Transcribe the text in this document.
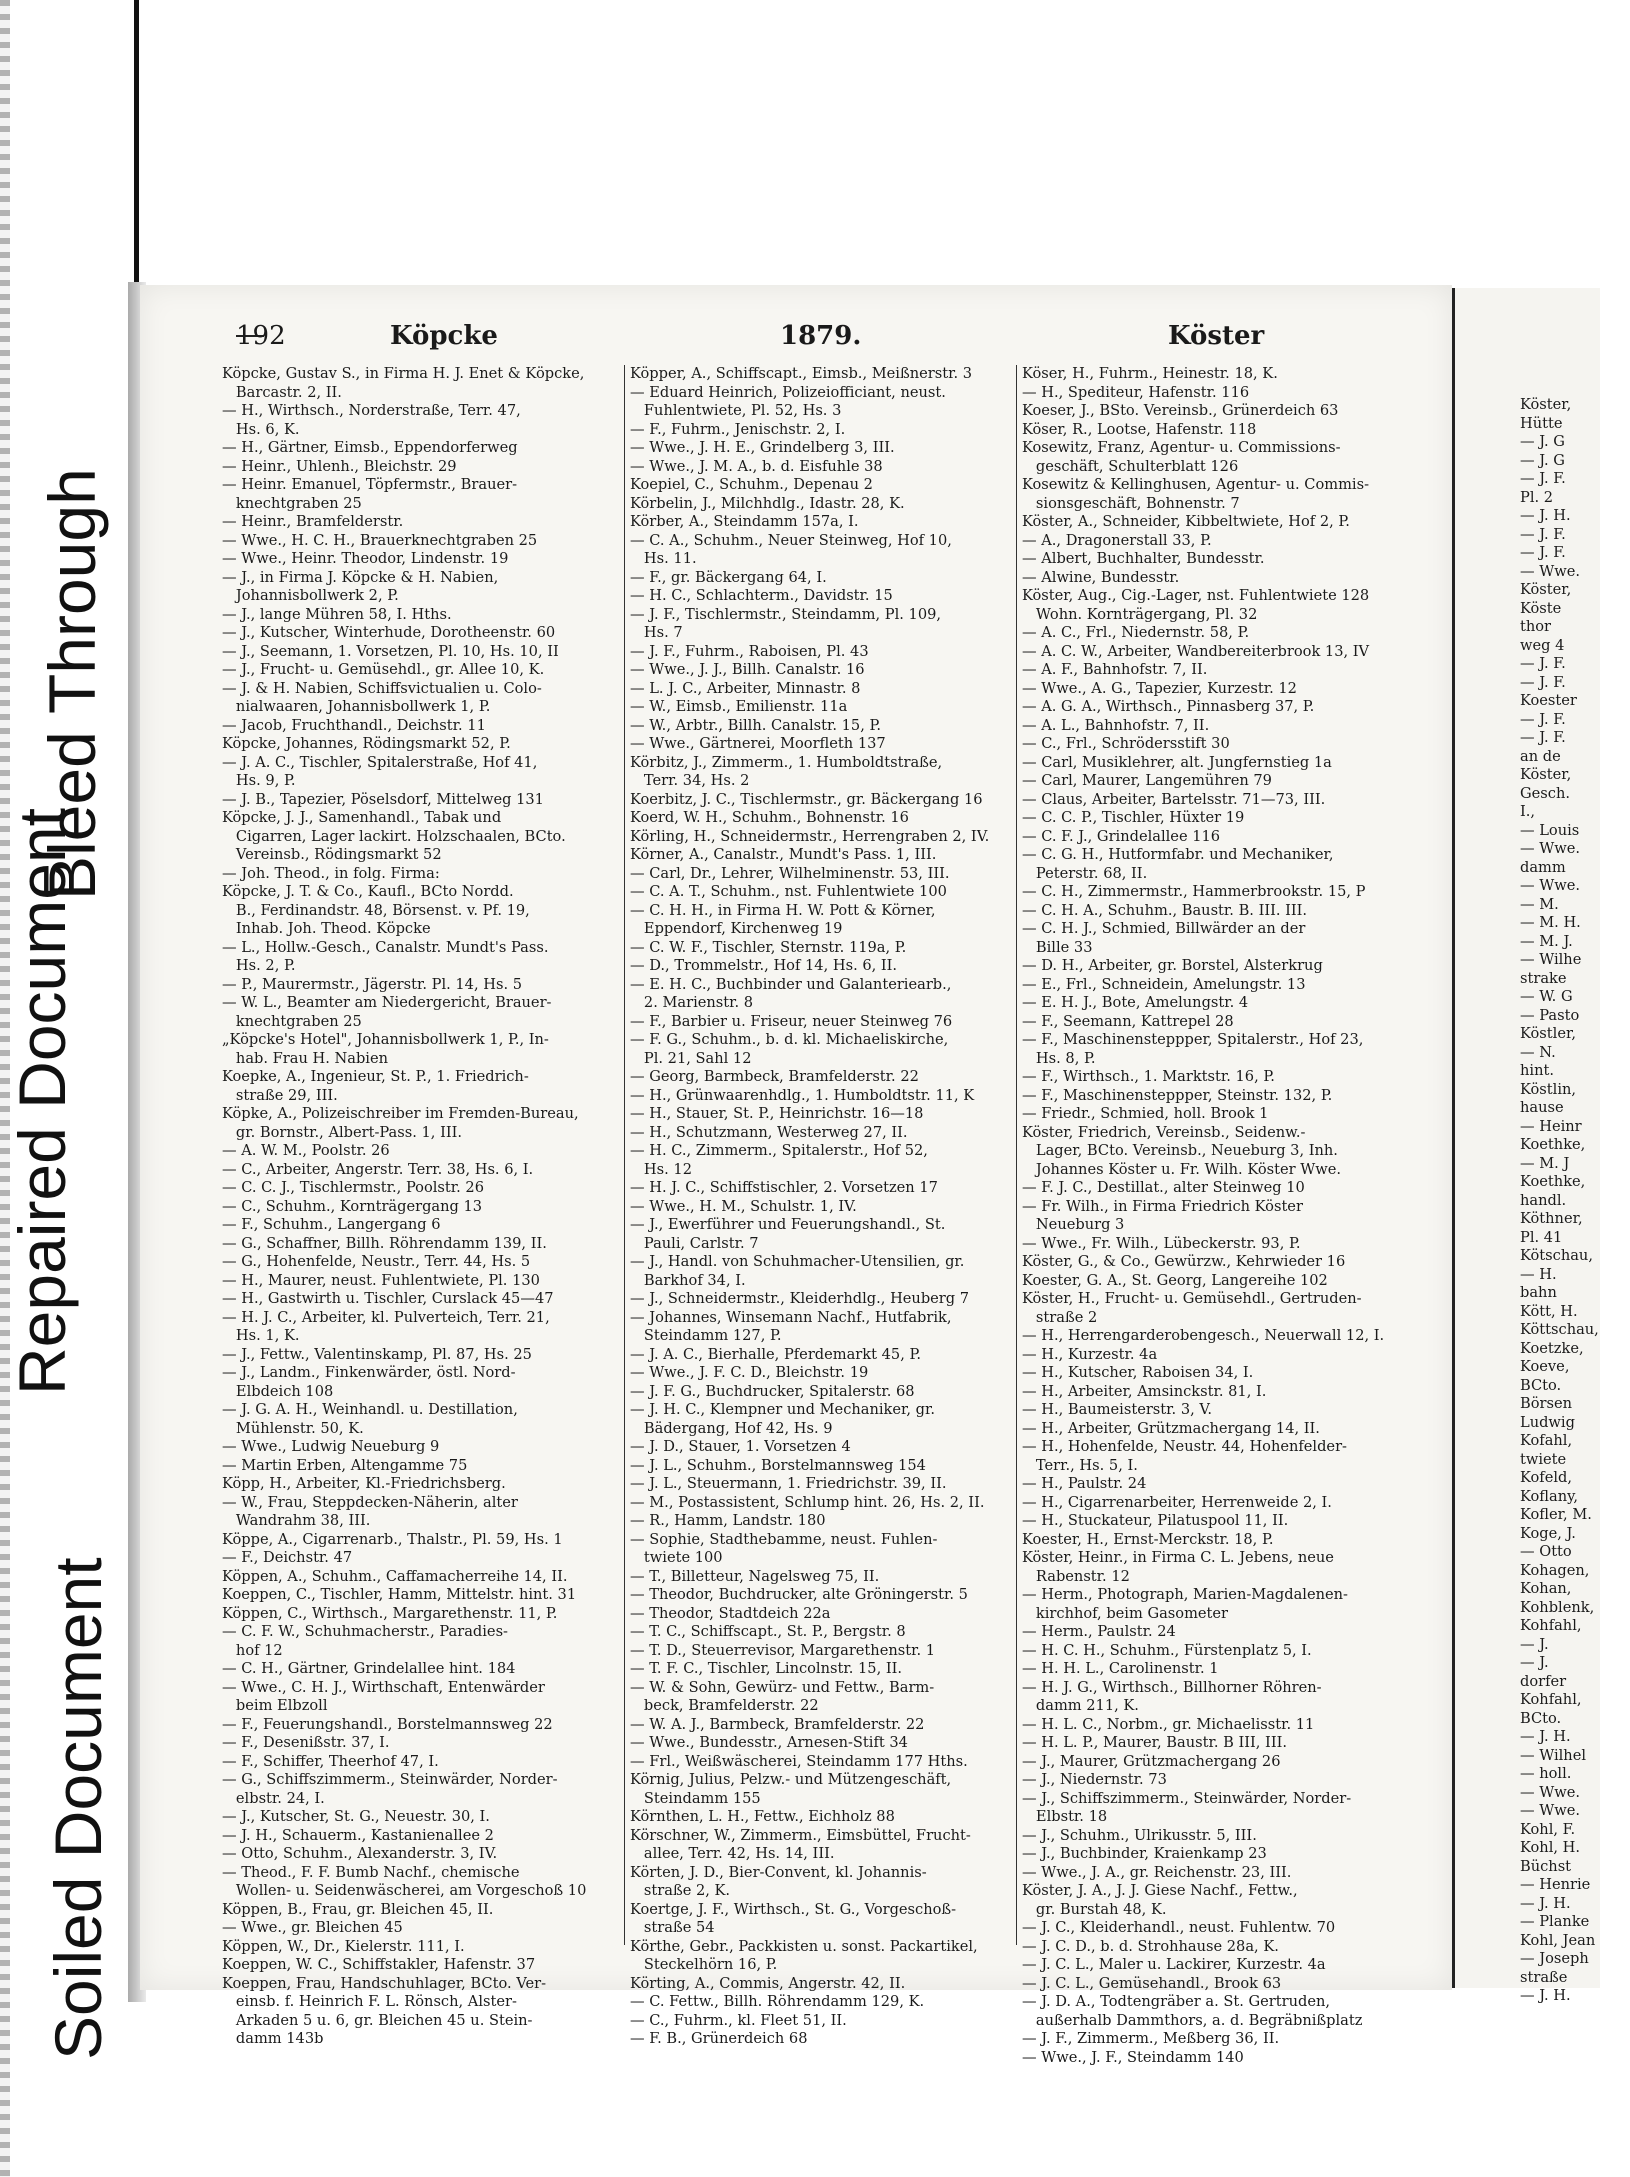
Bleed Through
Repaired Document
Soiled Document
192	Köpcke	1879.	Köster
Köpcke, Gustav S., in Firma H. J. Enet & Köpcke,
Barcastr. 2, II.
— H., Wirthsch., Norderstraße, Terr. 47,
Hs. 6, K.
— H., Gärtner, Eimsb., Eppendorferweg
— Heinr., Uhlenh., Bleichstr. 29
— Heinr. Emanuel, Töpfermstr., Brauer-
knechtgraben 25
— Heinr., Bramfelderstr.
— Wwe., H. C. H., Brauerknechtgraben 25
— Wwe., Heinr. Theodor, Lindenstr. 19
— J., in Firma J. Köpcke & H. Nabien,
Johannisbollwerk 2, P.
— J., lange Mühren 58, I. Hths.
— J., Kutscher, Winterhude, Dorotheenstr. 60
— J., Seemann, 1. Vorsetzen, Pl. 10, Hs. 10, II
— J., Frucht- u. Gemüsehdl., gr. Allee 10, K.
— J. & H. Nabien, Schiffsvictualien u. Colo-
nialwaaren, Johannisbollwerk 1, P.
— Jacob, Fruchthandl., Deichstr. 11
Köpcke, Johannes, Rödingsmarkt 52, P.
— J. A. C., Tischler, Spitalerstraße, Hof 41,
Hs. 9, P.
— J. B., Tapezier, Pöselsdorf, Mittelweg 131
Köpcke, J. J., Samenhandl., Tabak und
Cigarren, Lager lackirt. Holzschaalen, BCto.
Vereinsb., Rödingsmarkt 52
— Joh. Theod., in folg. Firma:
Köpcke, J. T. & Co., Kaufl., BCto Nordd.
B., Ferdinandstr. 48, Börsenst. v. Pf. 19,
Inhab. Joh. Theod. Köpcke
— L., Hollw.-Gesch., Canalstr. Mundt's Pass.
Hs. 2, P.
— P., Maurermstr., Jägerstr. Pl. 14, Hs. 5
— W. L., Beamter am Niedergericht, Brauer-
knechtgraben 25
„Köpcke's Hotel", Johannisbollwerk 1, P., In-
hab. Frau H. Nabien
Koepke, A., Ingenieur, St. P., 1. Friedrich-
straße 29, III.
Köpke, A., Polizeischreiber im Fremden-Bureau,
gr. Bornstr., Albert-Pass. 1, III.
— A. W. M., Poolstr. 26
— C., Arbeiter, Angerstr. Terr. 38, Hs. 6, I.
— C. C. J., Tischlermstr., Poolstr. 26
— C., Schuhm., Kornträgergang 13
— F., Schuhm., Langergang 6
— G., Schaffner, Billh. Röhrendamm 139, II.
— G., Hohenfelde, Neustr., Terr. 44, Hs. 5
— H., Maurer, neust. Fuhlentwiete, Pl. 130
— H., Gastwirth u. Tischler, Curslack 45—47
— H. J. C., Arbeiter, kl. Pulverteich, Terr. 21,
Hs. 1, K.
— J., Fettw., Valentinskamp, Pl. 87, Hs. 25
— J., Landm., Finkenwärder, östl. Nord-
Elbdeich 108
— J. G. A. H., Weinhandl. u. Destillation,
Mühlenstr. 50, K.
— Wwe., Ludwig Neueburg 9
— Martin Erben, Altengamme 75
Köpp, H., Arbeiter, Kl.-Friedrichsberg.
— W., Frau, Steppdecken-Näherin, alter
Wandrahm 38, III.
Köppe, A., Cigarrenarb., Thalstr., Pl. 59, Hs. 1
— F., Deichstr. 47
Köppen, A., Schuhm., Caffamacherreihe 14, II.
Koeppen, C., Tischler, Hamm, Mittelstr. hint. 31
Köppen, C., Wirthsch., Margarethenstr. 11, P.
— C. F. W., Schuhmacherstr., Paradies-
hof 12
— C. H., Gärtner, Grindelallee hint. 184
— Wwe., C. H. J., Wirthschaft, Entenwärder
beim Elbzoll
— F., Feuerungshandl., Borstelmannsweg 22
— F., Desenißstr. 37, I.
— F., Schiffer, Theerhof 47, I.
— G., Schiffszimmerm., Steinwärder, Norder-
elbstr. 24, I.
— J., Kutscher, St. G., Neuestr. 30, I.
— J. H., Schauerm., Kastanienallee 2
— Otto, Schuhm., Alexanderstr. 3, IV.
— Theod., F. F. Bumb Nachf., chemische
Wollen- u. Seidenwäscherei, am Vorgeschoß 10
Köppen, B., Frau, gr. Bleichen 45, II.
— Wwe., gr. Bleichen 45
Köppen, W., Dr., Kielerstr. 111, I.
Koeppen, W. C., Schiffstakler, Hafenstr. 37
Koeppen, Frau, Handschuhlager, BCto. Ver-
einsb. f. Heinrich F. L. Rönsch, Alster-
Arkaden 5 u. 6, gr. Bleichen 45 u. Stein-
damm 143b
Köpper, A., Schiffscapt., Eimsb., Meißnerstr. 3
— Eduard Heinrich, Polizeiofficiant, neust.
Fuhlentwiete, Pl. 52, Hs. 3
— F., Fuhrm., Jenischstr. 2, I.
— Wwe., J. H. E., Grindelberg 3, III.
— Wwe., J. M. A., b. d. Eisfuhle 38
Koepiel, C., Schuhm., Depenau 2
Körbelin, J., Milchhdlg., Idastr. 28, K.
Körber, A., Steindamm 157a, I.
— C. A., Schuhm., Neuer Steinweg, Hof 10,
Hs. 11.
— F., gr. Bäckergang 64, I.
— H. C., Schlachterm., Davidstr. 15
— J. F., Tischlermstr., Steindamm, Pl. 109,
Hs. 7
— J. F., Fuhrm., Raboisen, Pl. 43
— Wwe., J. J., Billh. Canalstr. 16
— L. J. C., Arbeiter, Minnastr. 8
— W., Eimsb., Emilienstr. 11a
— W., Arbtr., Billh. Canalstr. 15, P.
— Wwe., Gärtnerei, Moorfleth 137
Körbitz, J., Zimmerm., 1. Humboldtstraße,
Terr. 34, Hs. 2
Koerbitz, J. C., Tischlermstr., gr. Bäckergang 16
Koerd, W. H., Schuhm., Bohnenstr. 16
Körling, H., Schneidermstr., Herrengraben 2, IV.
Körner, A., Canalstr., Mundt's Pass. 1, III.
— Carl, Dr., Lehrer, Wilhelminenstr. 53, III.
— C. A. T., Schuhm., nst. Fuhlentwiete 100
— C. H. H., in Firma H. W. Pott & Körner,
Eppendorf, Kirchenweg 19
— C. W. F., Tischler, Sternstr. 119a, P.
— D., Trommelstr., Hof 14, Hs. 6, II.
— E. H. C., Buchbinder und Galanteriearb.,
2. Marienstr. 8
— F., Barbier u. Friseur, neuer Steinweg 76
— F. G., Schuhm., b. d. kl. Michaeliskirche,
Pl. 21, Sahl 12
— Georg, Barmbeck, Bramfelderstr. 22
— H., Grünwaarenhdlg., 1. Humboldtstr. 11, K
— H., Stauer, St. P., Heinrichstr. 16—18
— H., Schutzmann, Westerweg 27, II.
— H. C., Zimmerm., Spitalerstr., Hof 52,
Hs. 12
— H. J. C., Schiffstischler, 2. Vorsetzen 17
— Wwe., H. M., Schulstr. 1, IV.
— J., Ewerführer und Feuerungshandl., St.
Pauli, Carlstr. 7
— J., Handl. von Schuhmacher-Utensilien, gr.
Barkhof 34, I.
— J., Schneidermstr., Kleiderhdlg., Heuberg 7
— Johannes, Winsemann Nachf., Hutfabrik,
Steindamm 127, P.
— J. A. C., Bierhalle, Pferdemarkt 45, P.
— Wwe., J. F. C. D., Bleichstr. 19
— J. F. G., Buchdrucker, Spitalerstr. 68
— J. H. C., Klempner und Mechaniker, gr.
Bädergang, Hof 42, Hs. 9
— J. D., Stauer, 1. Vorsetzen 4
— J. L., Schuhm., Borstelmannsweg 154
— J. L., Steuermann, 1. Friedrichstr. 39, II.
— M., Postassistent, Schlump hint. 26, Hs. 2, II.
— R., Hamm, Landstr. 180
— Sophie, Stadthebamme, neust. Fuhlen-
twiete 100
— T., Billetteur, Nagelsweg 75, II.
— Theodor, Buchdrucker, alte Gröningerstr. 5
— Theodor, Stadtdeich 22a
— T. C., Schiffscapt., St. P., Bergstr. 8
— T. D., Steuerrevisor, Margarethenstr. 1
— T. F. C., Tischler, Lincolnstr. 15, II.
— W. & Sohn, Gewürz- und Fettw., Barm-
beck, Bramfelderstr. 22
— W. A. J., Barmbeck, Bramfelderstr. 22
— Wwe., Bundesstr., Arnesen-Stift 34
— Frl., Weißwäscherei, Steindamm 177 Hths.
Körnig, Julius, Pelzw.- und Mützengeschäft,
Steindamm 155
Körnthen, L. H., Fettw., Eichholz 88
Körschner, W., Zimmerm., Eimsbüttel, Frucht-
allee, Terr. 42, Hs. 14, III.
Körten, J. D., Bier-Convent, kl. Johannis-
straße 2, K.
Koertge, J. F., Wirthsch., St. G., Vorgeschoß-
straße 54
Körthe, Gebr., Packkisten u. sonst. Packartikel,
Steckelhörn 16, P.
Körting, A., Commis, Angerstr. 42, II.
— C. Fettw., Billh. Röhrendamm 129, K.
— C., Fuhrm., kl. Fleet 51, II.
— F. B., Grünerdeich 68
Köser, H., Fuhrm., Heinestr. 18, K.
— H., Spediteur, Hafenstr. 116
Koeser, J., BSto. Vereinsb., Grünerdeich 63
Köser, R., Lootse, Hafenstr. 118
Kosewitz, Franz, Agentur- u. Commissions-
geschäft, Schulterblatt 126
Kosewitz & Kellinghusen, Agentur- u. Commis-
sionsgeschäft, Bohnenstr. 7
Köster, A., Schneider, Kibbeltwiete, Hof 2, P.
— A., Dragonerstall 33, P.
— Albert, Buchhalter, Bundesstr.
— Alwine, Bundesstr.
Köster, Aug., Cig.-Lager, nst. Fuhlentwiete 128
Wohn. Kornträgergang, Pl. 32
— A. C., Frl., Niedernstr. 58, P.
— A. C. W., Arbeiter, Wandbereiterbrook 13, IV
— A. F., Bahnhofstr. 7, II.
— Wwe., A. G., Tapezier, Kurzestr. 12
— A. G. A., Wirthsch., Pinnasberg 37, P.
— A. L., Bahnhofstr. 7, II.
— C., Frl., Schrödersstift 30
— Carl, Musiklehrer, alt. Jungfernstieg 1a
— Carl, Maurer, Langemühren 79
— Claus, Arbeiter, Bartelsstr. 71—73, III.
— C. C. P., Tischler, Hüxter 19
— C. F. J., Grindelallee 116
— C. G. H., Hutformfabr. und Mechaniker,
Peterstr. 68, II.
— C. H., Zimmermstr., Hammerbrookstr. 15, P
— C. H. A., Schuhm., Baustr. B. III. III.
— C. H. J., Schmied, Billwärder an der
Bille 33
— D. H., Arbeiter, gr. Borstel, Alsterkrug
— E., Frl., Schneidein, Amelungstr. 13
— E. H. J., Bote, Amelungstr. 4
— F., Seemann, Kattrepel 28
— F., Maschinensteppper, Spitalerstr., Hof 23,
Hs. 8, P.
— F., Wirthsch., 1. Marktstr. 16, P.
— F., Maschinensteppper, Steinstr. 132, P.
— Friedr., Schmied, holl. Brook 1
Köster, Friedrich, Vereinsb., Seidenw.-
Lager, BCto. Vereinsb., Neueburg 3, Inh.
Johannes Köster u. Fr. Wilh. Köster Wwe.
— F. J. C., Destillat., alter Steinweg 10
— Fr. Wilh., in Firma Friedrich Köster
Neueburg 3
— Wwe., Fr. Wilh., Lübeckerstr. 93, P.
Köster, G., & Co., Gewürzw., Kehrwieder 16
Koester, G. A., St. Georg, Langereihe 102
Köster, H., Frucht- u. Gemüsehdl., Gertruden-
straße 2
— H., Herrengarderobengesch., Neuerwall 12, I.
— H., Kurzestr. 4a
— H., Kutscher, Raboisen 34, I.
— H., Arbeiter, Amsinckstr. 81, I.
— H., Baumeisterstr. 3, V.
— H., Arbeiter, Grützmachergang 14, II.
— H., Hohenfelde, Neustr. 44, Hohenfelder-
Terr., Hs. 5, I.
— H., Paulstr. 24
— H., Cigarrenarbeiter, Herrenweide 2, I.
— H., Stuckateur, Pilatuspool 11, II.
Koester, H., Ernst-Merckstr. 18, P.
Köster, Heinr., in Firma C. L. Jebens, neue
Rabenstr. 12
— Herm., Photograph, Marien-Magdalenen-
kirchhof, beim Gasometer
— Herm., Paulstr. 24
— H. C. H., Schuhm., Fürstenplatz 5, I.
— H. H. L., Carolinenstr. 1
— H. J. G., Wirthsch., Billhorner Röhren-
damm 211, K.
— H. L. C., Norbm., gr. Michaelisstr. 11
— H. L. P., Maurer, Baustr. B III, III.
— J., Maurer, Grützmachergang 26
— J., Niedernstr. 73
— J., Schiffszimmerm., Steinwärder, Norder-
Elbstr. 18
— J., Schuhm., Ulrikusstr. 5, III.
— J., Buchbinder, Kraienkamp 23
— Wwe., J. A., gr. Reichenstr. 23, III.
Köster, J. A., J. J. Giese Nachf., Fettw.,
gr. Burstah 48, K.
— J. C., Kleiderhandl., neust. Fuhlentw. 70
— J. C. D., b. d. Strohhause 28a, K.
— J. C. L., Maler u. Lackirer, Kurzestr. 4a
— J. C. L., Gemüsehandl., Brook 63
— J. D. A., Todtengräber a. St. Gertruden,
außerhalb Dammthors, a. d. Begräbnißplatz
— J. F., Zimmerm., Meßberg 36, II.
— Wwe., J. F., Steindamm 140
Köster,
Hütte
— J. G
— J. G
— J. F.
Pl. 2
— J. H.
— J. F.
— J. F.
— Wwe.
Köster,
Köste
thor
weg 4
— J. F.
— J. F.
Koester
— J. F.
— J. F.
an de
Köster,
Gesch.
I.,
— Louis
— Wwe.
damm
— Wwe.
— M.
— M. H.
— M. J.
— Wilhe
strake
— W. G
— Pasto
Köstler,
— N.
hint.
Köstlin,
hause
— Heinr
Koethke,
— M. J
Koethke,
handl.
Köthner,
Pl. 41
Kötschau,
— H.
bahn
Kött, H.
Köttschau,
Koetzke,
Koeve,
BCto.
Börsen
Ludwig
Kofahl,
twiete
Kofeld,
Koflany,
Kofler, M.
Koge, J.
— Otto
Kohagen,
Kohan,
Kohblenk,
Kohfahl,
— J.
— J.
dorfer
Kohfahl,
BCto.
— J. H.
— Wilhel
— holl.
— Wwe.
— Wwe.
Kohl, F.
Kohl, H.
Büchst
— Henrie
— J. H.
— Planke
Kohl, Jean
— Joseph
straße
— J. H.
